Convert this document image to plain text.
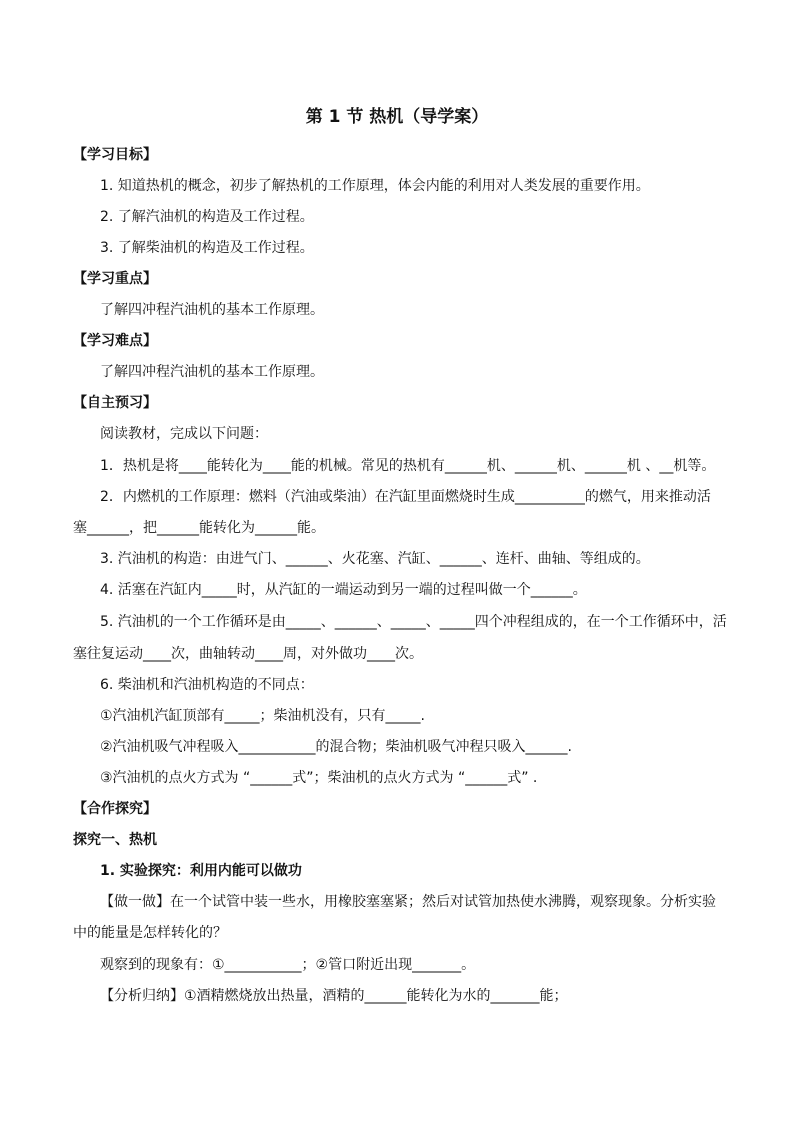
第 1 节 热机（导学案）
【学习目标】
1. 知道热机的概念，初步了解热机的工作原理，体会内能的利用对人类发展的重要作用。
2. 了解汽油机的构造及工作过程。
3. 了解柴油机的构造及工作过程。
【学习重点】
了解四冲程汽油机的基本工作原理。
【学习难点】
了解四冲程汽油机的基本工作原理。
【自主预习】
阅读教材，完成以下问题：
1．热机是将____能转化为____能的机械。常见的热机有______机、______机、______机 、__机等。
2．内燃机的工作原理：燃料（汽油或柴油）在汽缸里面燃烧时生成__________的燃气，用来推动活
塞______，把______能转化为______能。
3. 汽油机的构造：由进气门、______、火花塞、汽缸、______、连杆、曲轴、等组成的。
4. 活塞在汽缸内_____时，从汽缸的一端运动到另一端的过程叫做一个______。
5. 汽油机的一个工作循环是由_____、______、_____、_____四个冲程组成的，在一个工作循环中，活
塞往复运动____次，曲轴转动____周，对外做功____次。
6. 柴油机和汽油机构造的不同点：
①汽油机汽缸顶部有_____；柴油机没有，只有_____.
②汽油机吸气冲程吸入___________的混合物；柴油机吸气冲程只吸入______.
③汽油机的点火方式为 “______式”；柴油机的点火方式为 “______式” .
【合作探究】
探究一、热机
1. 实验探究：利用内能可以做功
【做一做】在一个试管中装一些水，用橡胶塞塞紧；然后对试管加热使水沸腾，观察现象。分析实验
中的能量是怎样转化的？
观察到的现象有：①___________；②管口附近出现_______。
【分析归纳】①酒精燃烧放出热量，酒精的______能转化为水的_______能；
